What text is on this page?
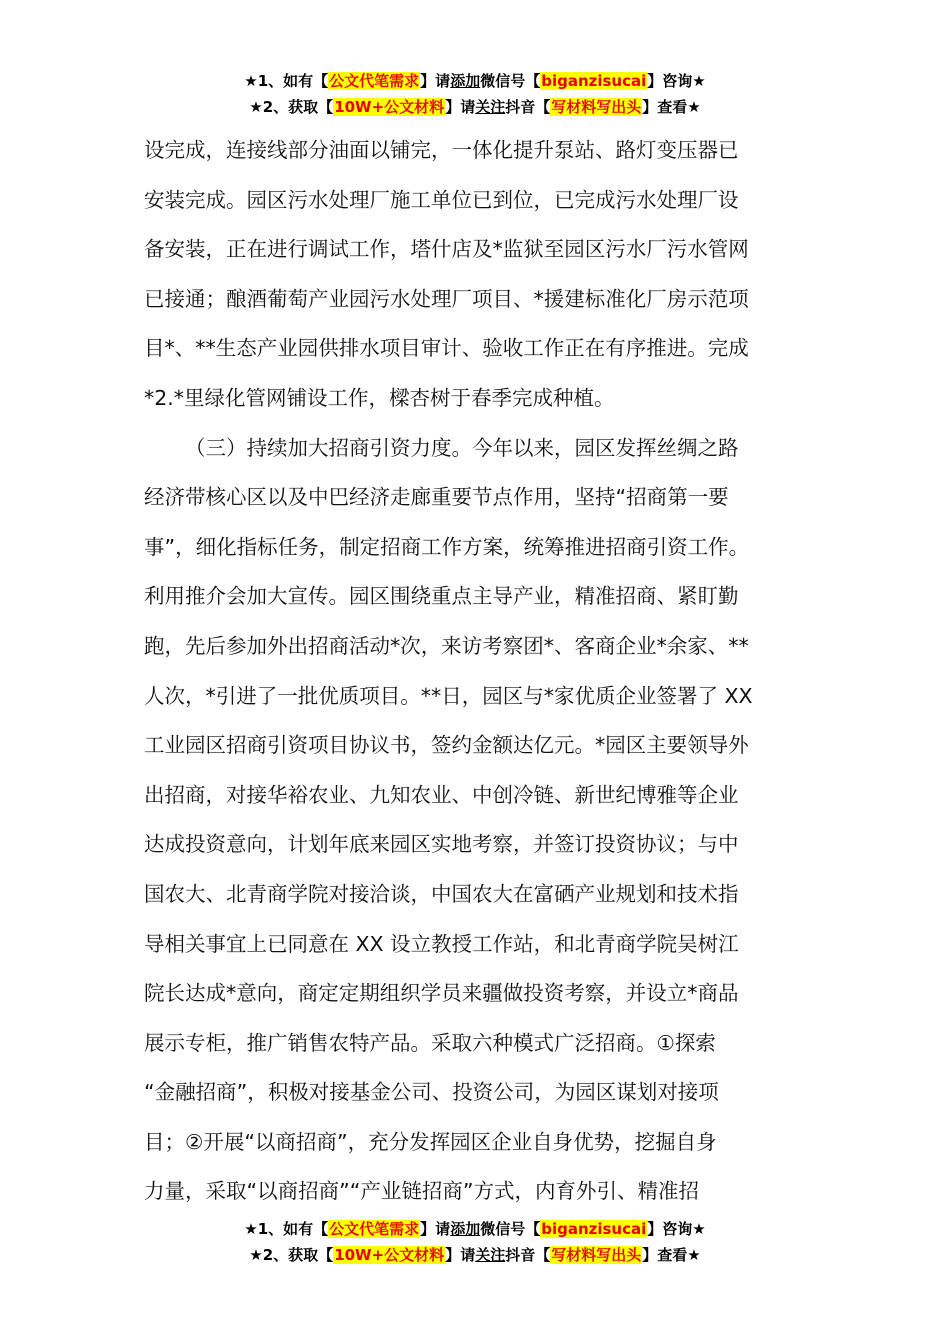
★1、如有【公文代笔需求】请添加微信号【biganzisucai】咨询★
★2、获取【10W+公文材料】请关注抖音【写材料写出头】查看★
设完成，连接线部分油面以铺完，一体化提升泵站、路灯变压器已
安装完成。园区污水处理厂施工单位已到位，已完成污水处理厂设
备安装，正在进行调试工作，塔什店及*监狱至园区污水厂污水管网
已接通；酿酒葡萄产业园污水处理厂项目、*援建标准化厂房示范项
目*、**生态产业园供排水项目审计、验收工作正在有序推进。完成
*2.*里绿化管网铺设工作，樑杏树于春季完成种植。
（三）持续加大招商引资力度。今年以来，园区发挥丝绸之路
经济带核心区以及中巴经济走廊重要节点作用，坚持“招商第一要
事”，细化指标任务，制定招商工作方案，统筹推进招商引资工作。
利用推介会加大宣传。园区围绕重点主导产业，精准招商、紧盯勤
跑，先后参加外出招商活动*次，来访考察团*、客商企业*余家、**
人次，*引进了一批优质项目。**日，园区与*家优质企业签署了 XX
工业园区招商引资项目协议书，签约金额达亿元。*园区主要领导外
出招商，对接华裕农业、九知农业、中创冷链、新世纪博雅等企业
达成投资意向，计划年底来园区实地考察，并签订投资协议；与中
国农大、北青商学院对接洽谈，中国农大在富硒产业规划和技术指
导相关事宜上已同意在 XX 设立教授工作站，和北青商学院吴树江
院长达成*意向，商定定期组织学员来疆做投资考察，并设立*商品
展示专柜，推广销售农特产品。采取六种模式广泛招商。①探索
“金融招商”，积极对接基金公司、投资公司，为园区谋划对接项
目；②开展“以商招商”，充分发挥园区企业自身优势，挖掘自身
力量，采取“以商招商”“产业链招商”方式，内育外引、精准招
★1、如有【公文代笔需求】请添加微信号【biganzisucai】咨询★
★2、获取【10W+公文材料】请关注抖音【写材料写出头】查看★
